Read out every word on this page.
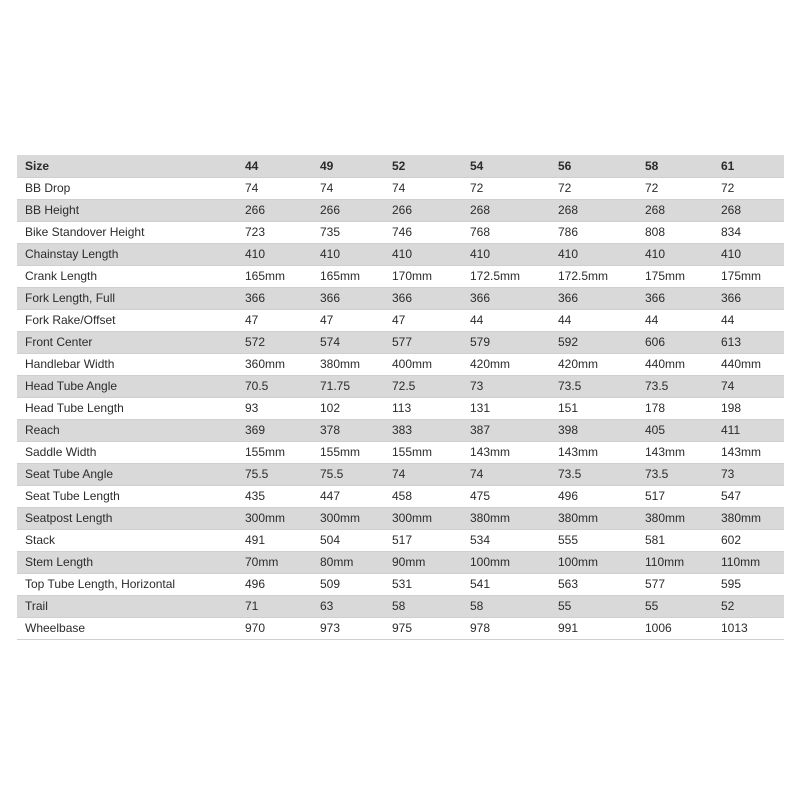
Size	44	49	52	54	56	58	61
BB Drop	74	74	74	72	72	72	72
BB Height	266	266	266	268	268	268	268
Bike Standover Height	723	735	746	768	786	808	834
Chainstay Length	410	410	410	410	410	410	410
Crank Length	165mm	165mm	170mm	172.5mm	172.5mm	175mm	175mm
Fork Length, Full	366	366	366	366	366	366	366
Fork Rake/Offset	47	47	47	44	44	44	44
Front Center	572	574	577	579	592	606	613
Handlebar Width	360mm	380mm	400mm	420mm	420mm	440mm	440mm
Head Tube Angle	70.5	71.75	72.5	73	73.5	73.5	74
Head Tube Length	93	102	113	131	151	178	198
Reach	369	378	383	387	398	405	411
Saddle Width	155mm	155mm	155mm	143mm	143mm	143mm	143mm
Seat Tube Angle	75.5	75.5	74	74	73.5	73.5	73
Seat Tube Length	435	447	458	475	496	517	547
Seatpost Length	300mm	300mm	300mm	380mm	380mm	380mm	380mm
Stack	491	504	517	534	555	581	602
Stem Length	70mm	80mm	90mm	100mm	100mm	110mm	110mm
Top Tube Length, Horizontal	496	509	531	541	563	577	595
Trail	71	63	58	58	55	55	52
Wheelbase	970	973	975	978	991	1006	1013
